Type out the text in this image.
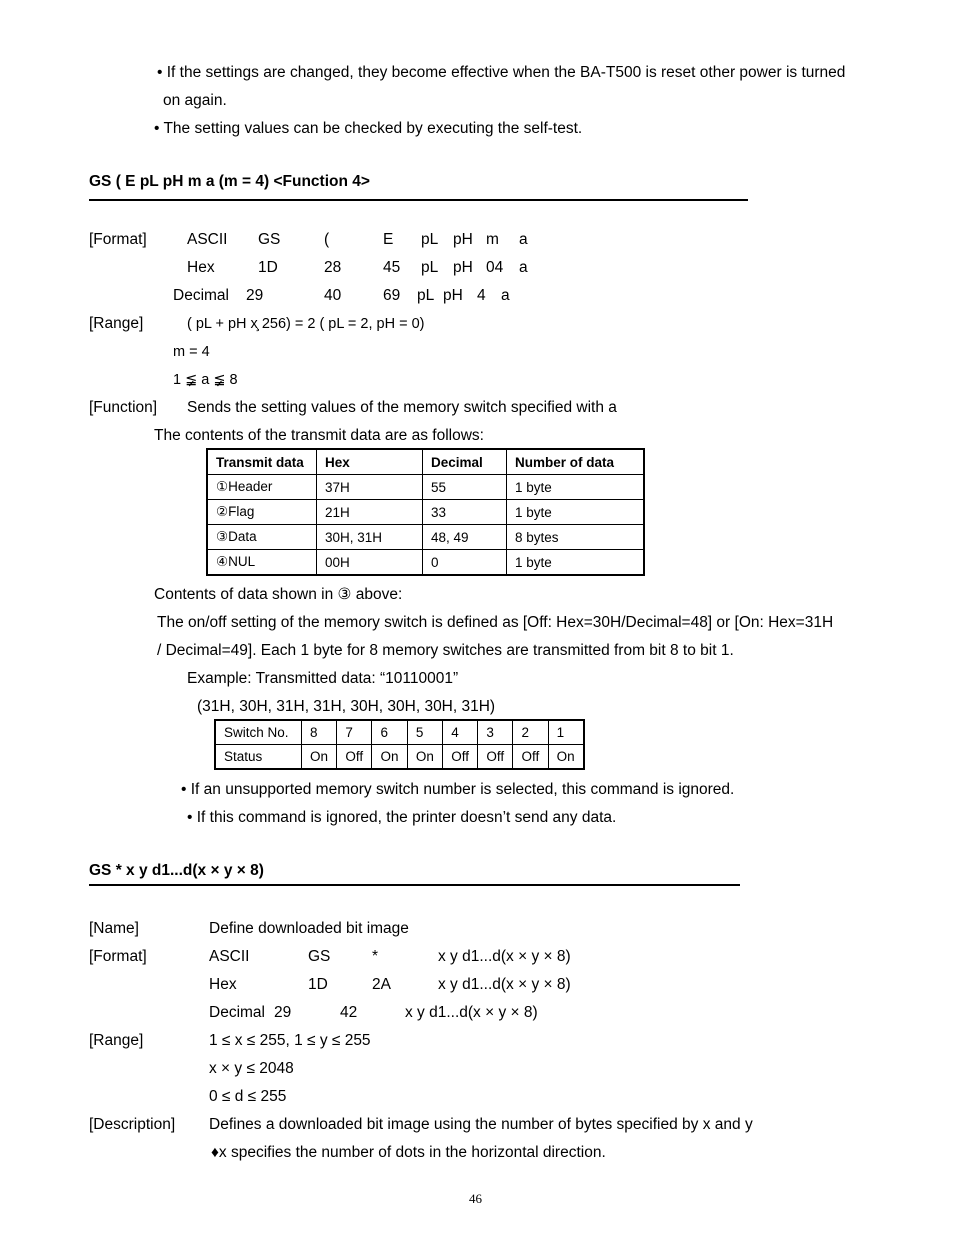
• If the settings are changed, they become effective when the BA-T500 is reset other power is turned
on again.
• The setting values can be checked by executing the self-test.
GS ( E pL pH m a (m = 4) <Function 4>
[Format]	ASCII GS	(	E pL pH m a
Hex	1D	28	45 pL pH 04 a
Decimal 29	40	69 pL pH 4 a
[Range]	( pL + pH x̧ 256) = 2 ( pL = 2, pH = 0)
m = 4
1 ≨ a ≨ 8
[Function] Sends the setting values of the memory switch specified with a
The contents of the transmit data are as follows:
Transmit data	Hex	Decimal	Number of data
①Header	37H	55	1 byte
②Flag	21H	33	1 byte
③Data	30H, 31H	48, 49	8 bytes
④NUL	00H	0	1 byte
Contents of data shown in ③ above:
The on/off setting of the memory switch is defined as [Off: Hex=30H/Decimal=48] or [On: Hex=31H
/ Decimal=49]. Each 1 byte for 8 memory switches are transmitted from bit 8 to bit 1.
Example: Transmitted data: “10110001”
(31H, 30H, 31H, 31H, 30H, 30H, 30H, 31H)
Switch No.	8	7	6	5	4	3	2	1
Status	On	Off	On	On	Off	Off	Off	On
• If an unsupported memory switch number is selected, this command is ignored.
• If this command is ignored, the printer doesn’t send any data.
GS * x y d1...d(x × y × 8)
[Name]	Define downloaded bit image
[Format]	ASCII	GS	*	x y d1...d(x × y × 8)
Hex	1D	2A	x y d1...d(x × y × 8)
Decimal 29	42	x y d1...d(x × y × 8)
[Range]	1 ≤ x ≤ 255, 1 ≤ y ≤ 255
x × y ≤ 2048
0 ≤ d ≤ 255
[Description] Defines a downloaded bit image using the number of bytes specified by x and y
♦x specifies the number of dots in the horizontal direction.
46
